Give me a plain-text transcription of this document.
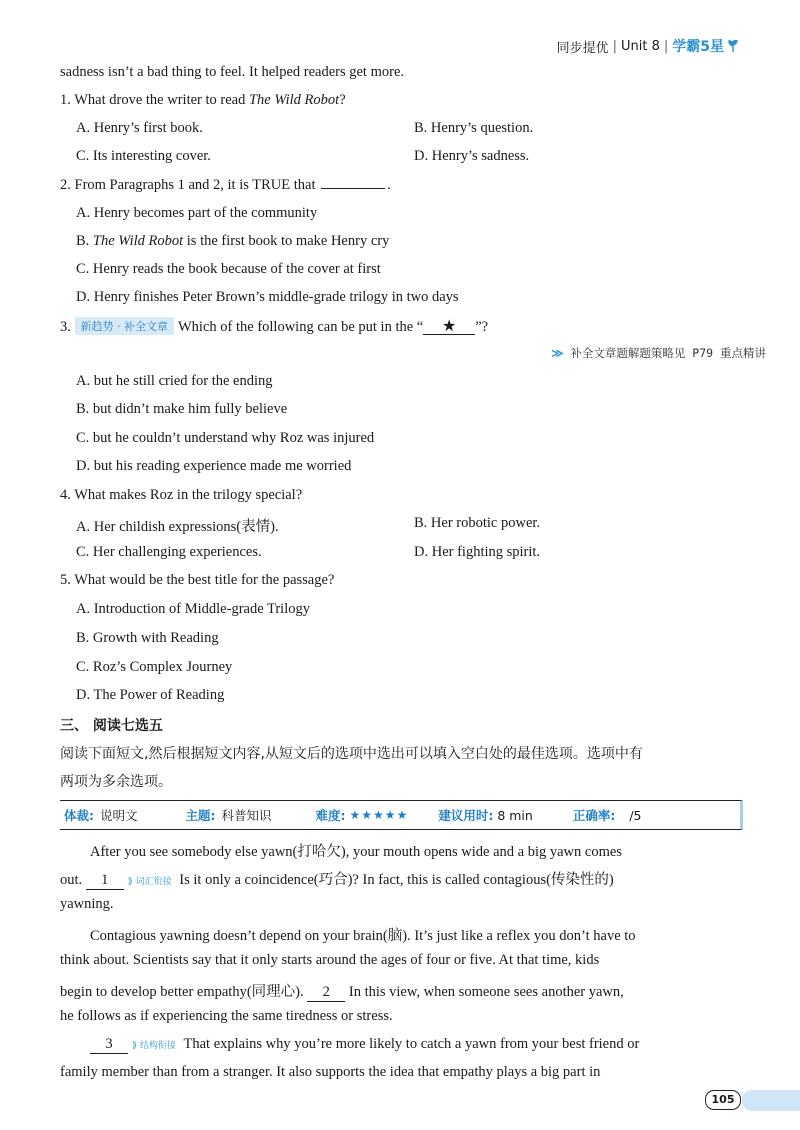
同步提优 | Unit 8 | 学霸5星
sadness isn’t a bad thing to feel. It helped readers get more.
1. What drove the writer to read The Wild Robot?
A. Henry’s first book.	B. Henry’s question.
C. Its interesting cover.	D. Henry’s sadness.
2. From Paragraphs 1 and 2, it is TRUE that	.
A. Henry becomes part of the community
B. The Wild Robot is the first book to make Henry cry
C. Henry reads the book because of the cover at first
D. Henry finishes Peter Brown’s middle-grade trilogy in two days
3. 新趋势 · 补全文章 Which of the following can be put in the “ ★ ”?
≫ 补全文章题解题策略见 P79 重点精讲
A. but he still cried for the ending
B. but didn’t make him fully believe
C. but he couldn’t understand why Roz was injured
D. but his reading experience made me worried
4. What makes Roz in the trilogy special?
A. Her childish expressions(表情).	B. Her robotic power.
C. Her challenging experiences.	D. Her fighting spirit.
5. What would be the best title for the passage?
A. Introduction of Middle-grade Trilogy
B. Growth with Reading
C. Roz’s Complex Journey
D. The Power of Reading
三、 阅读七选五
阅读下面短文,然后根据短文内容,从短文后的选项中选出可以填入空白处的最佳选项。选项中有
两项为多余选项。
体裁: 说明文	主题: 科普知识	难度: ★★★★★ 建议用时: 8 min	正确率: /5
After you see somebody else yawn(打哈欠), your mouth opens wide and a big yawn comes
out. 1 ⟫ 词汇衔接 Is it only a coincidence(巧合)? In fact, this is called contagious(传染性的)
yawning.
Contagious yawning doesn’t depend on your brain(脑). It’s just like a reflex you don’t have to
think about. Scientists say that it only starts around the ages of four or five. At that time, kids
begin to develop better empathy(同理心). 2 In this view, when someone sees another yawn,
he follows as if experiencing the same tiredness or stress.
3 ⟫ 结构衔接 That explains why you’re more likely to catch a yawn from your best friend or
family member than from a stranger. It also supports the idea that empathy plays a big part in
105
